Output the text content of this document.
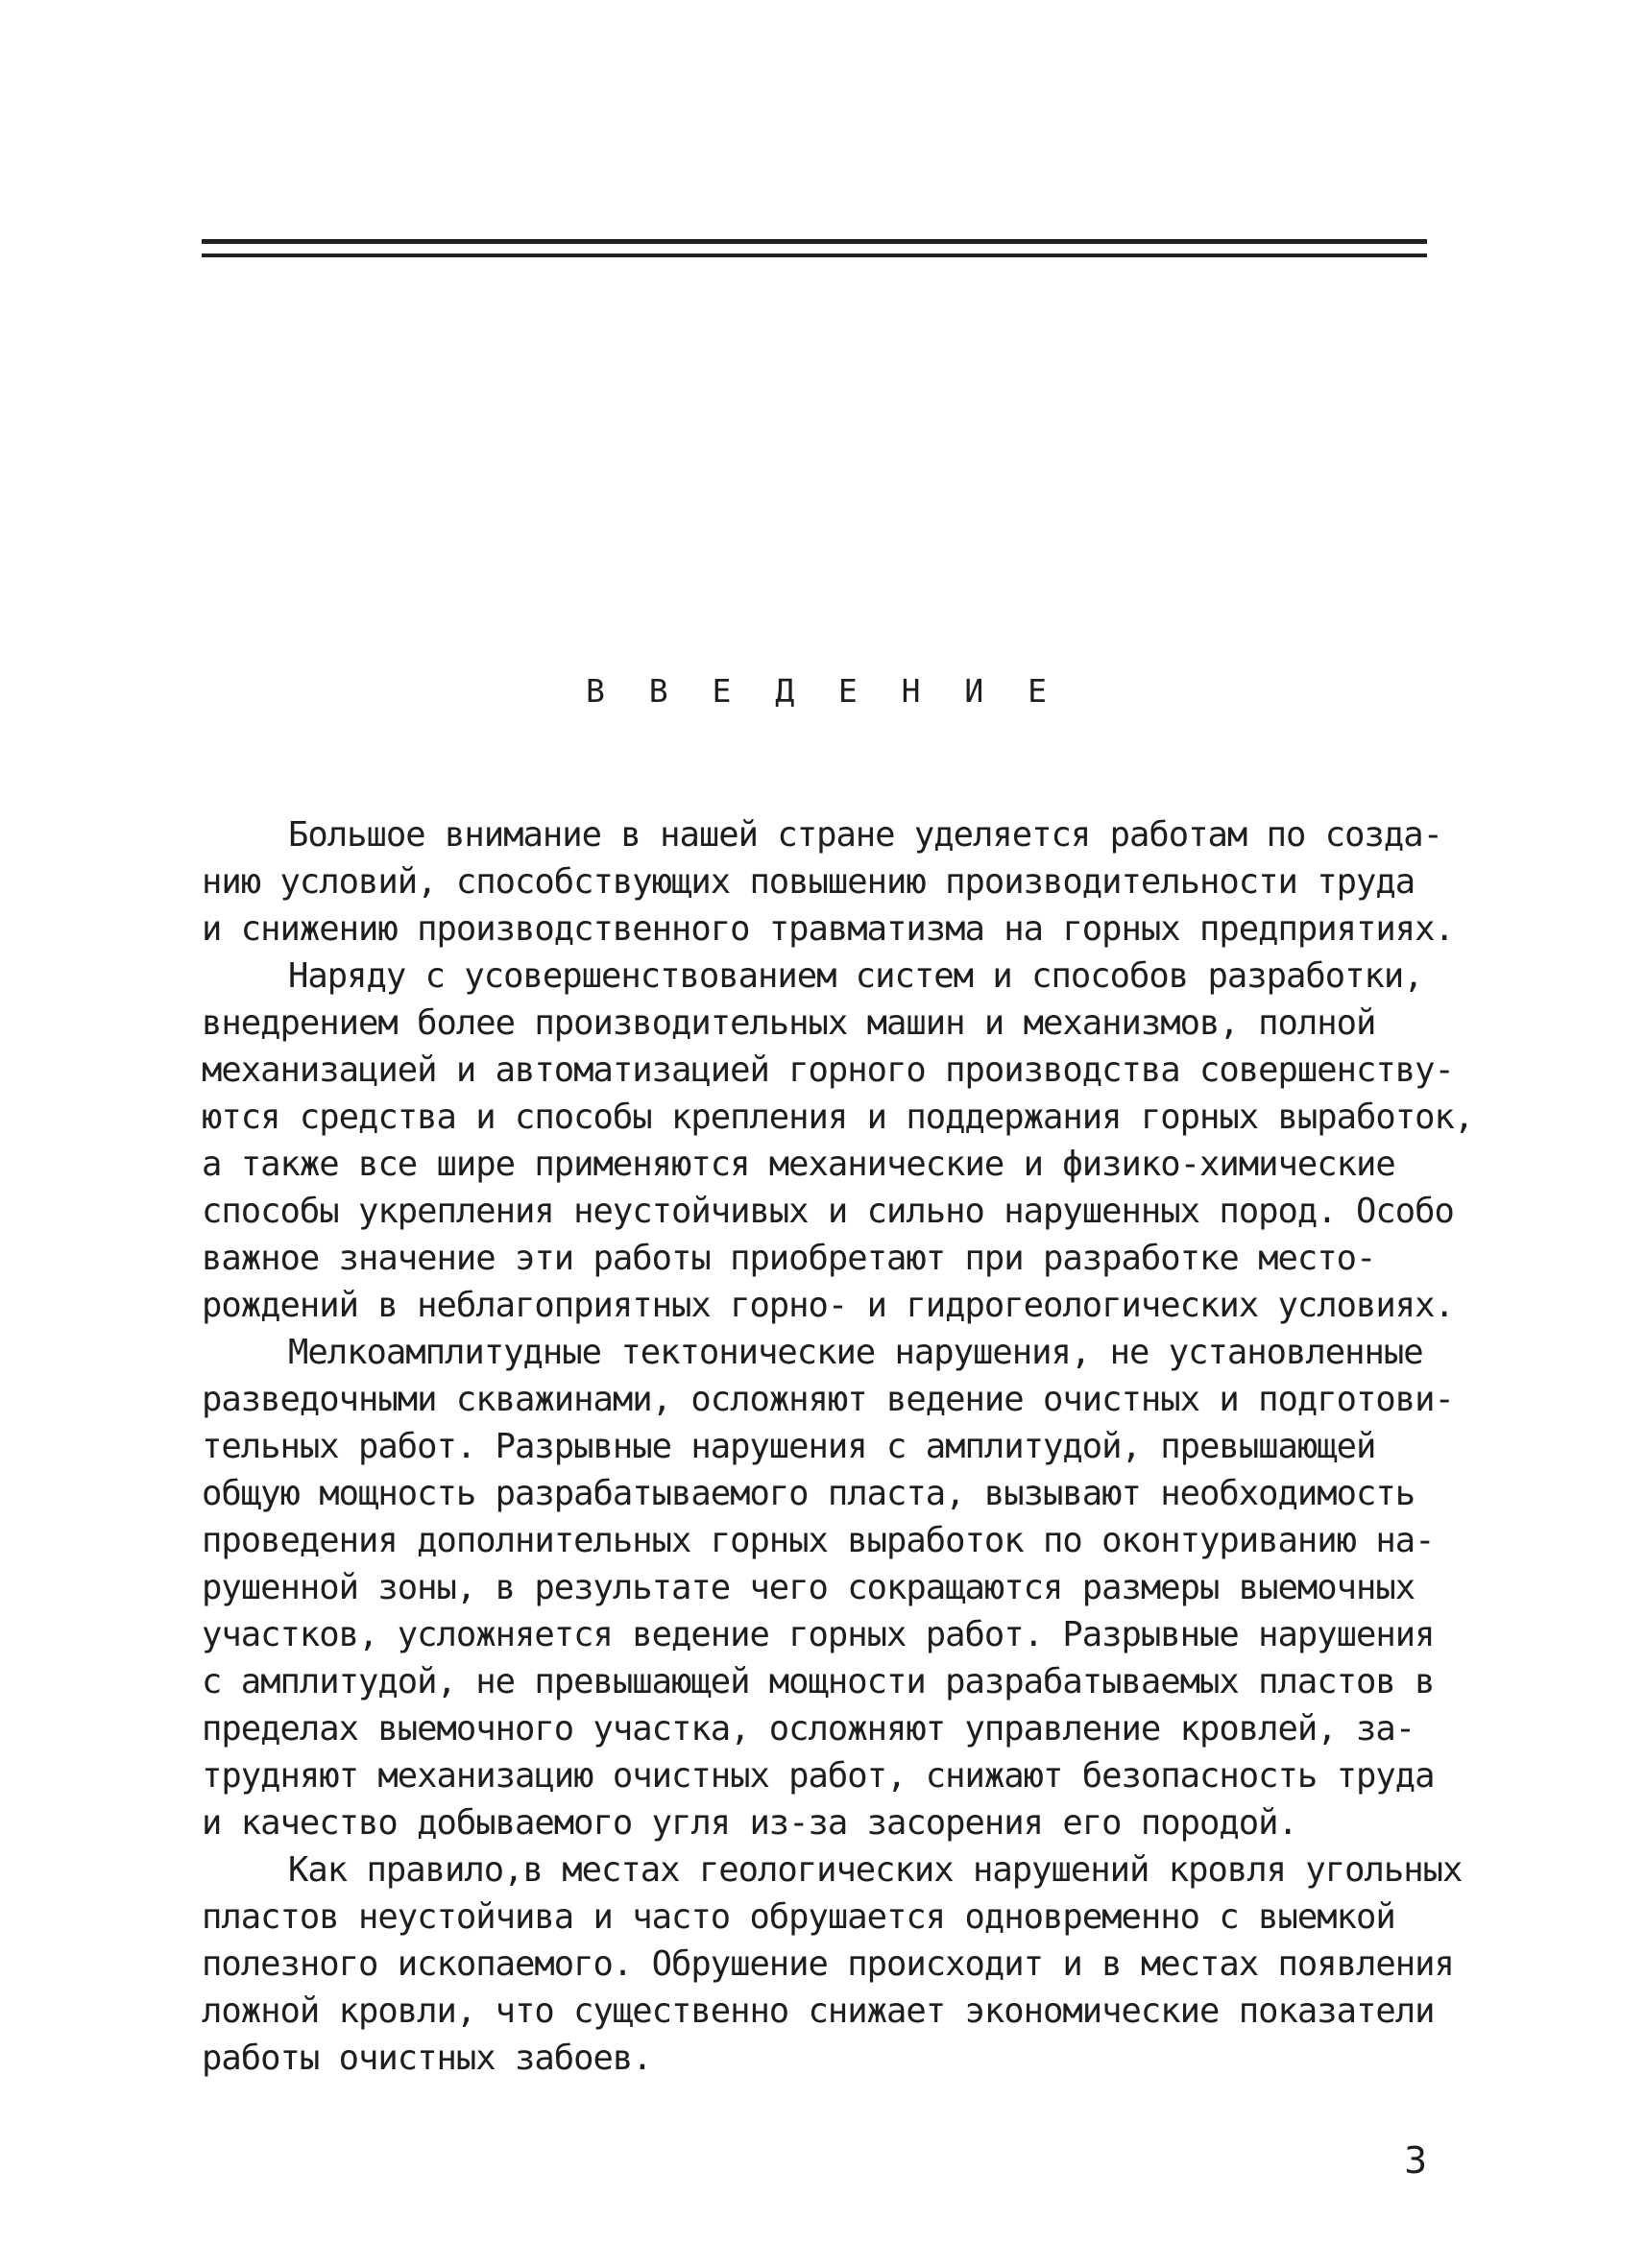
В В Е Д Е Н И Е
Большое внимание в нашей стране уделяется работам по созда-
нию условий, способствующих повышению производительности труда
и снижению производственного травматизма на горных предприятиях.
Наряду с усовершенствованием систем и способов разработки,
внедрением более производительных машин и механизмов, полной
механизацией и автоматизацией горного производства совершенству-
ются средства и способы крепления и поддержания горных выработок,
а также все шире применяются механические и физико-химические
способы укрепления неустойчивых и сильно нарушенных пород. Особо
важное значение эти работы приобретают при разработке место-
рождений в неблагоприятных горно- и гидрогеологических условиях.
Мелкоамплитудные тектонические нарушения, не установленные
разведочными скважинами, осложняют ведение очистных и подготови-
тельных работ. Разрывные нарушения с амплитудой, превышающей
общую мощность разрабатываемого пласта, вызывают необходимость
проведения дополнительных горных выработок по оконтуриванию на-
рушенной зоны, в результате чего сокращаются размеры выемочных
участков, усложняется ведение горных работ. Разрывные нарушения
с амплитудой, не превышающей мощности разрабатываемых пластов в
пределах выемочного участка, осложняют управление кровлей, за-
трудняют механизацию очистных работ, снижают безопасность труда
и качество добываемого угля из-за засорения его породой.
Как правило,в местах геологических нарушений кровля угольных
пластов неустойчива и часто обрушается одновременно с выемкой
полезного ископаемого. Обрушение происходит и в местах появления
ложной кровли, что существенно снижает экономические показатели
работы очистных забоев.
3
